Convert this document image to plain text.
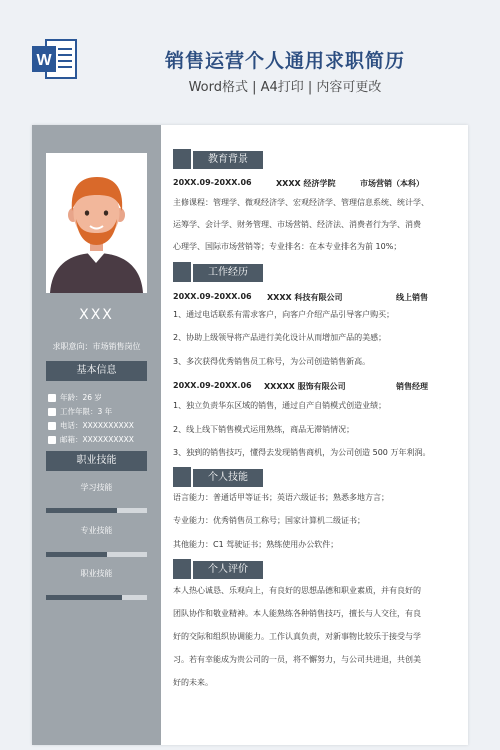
W	销售运营个人通用求职简历
Word格式 | A4打印 | 内容可更改
XXX
求职意向：市场销售岗位
基本信息
年龄：26 岁
工作年限：3 年
电话：XXXXXXXXXX
邮箱：XXXXXXXXXX
职业技能
学习技能
专业技能
职业技能
教育背景
20XX.09-20XX.06	XXXX 经济学院	市场营销（本科）
主修课程：管理学、微观经济学、宏观经济学、管理信息系统、统计学、
运筹学、会计学、财务管理、市场营销、经济法、消费者行为学、消费
心理学、国际市场营销等；专业排名：在本专业排名为前 10%；
工作经历
20XX.09-20XX.06 XXXX 科技有限公司	线上销售
1、通过电话联系有需求客户，向客户介绍产品引导客户购买；
2、协助上级领导将产品进行美化设计从而增加产品的美感；
3、多次获得优秀销售员工称号，为公司创造销售新高。
20XX.09-20XX.06 XXXXX 服饰有限公司	销售经理
1、独立负责华东区域的销售，通过自产自销模式创造业绩；
2、线上线下销售模式运用熟练，商品无滞销情况；
3、独到的销售技巧，懂得去发现销售商机，为公司创造 500 万年利润。
个人技能
语言能力：普通话甲等证书；英语六级证书；熟悉多地方言；
专业能力：优秀销售员工称号；国家计算机二级证书；
其他能力：C1 驾驶证书；熟练使用办公软件；
个人评价
本人热心诚恳、乐观向上，有良好的思想品德和职业素质，并有良好的
团队协作和敬业精神。本人能熟练各种销售技巧，擅长与人交往，有良
好的交际和组织协调能力。工作认真负责，对新事物比较乐于接受与学
习。若有幸能成为贵公司的一员，将不懈努力，与公司共进退，共创美
好的未来。
